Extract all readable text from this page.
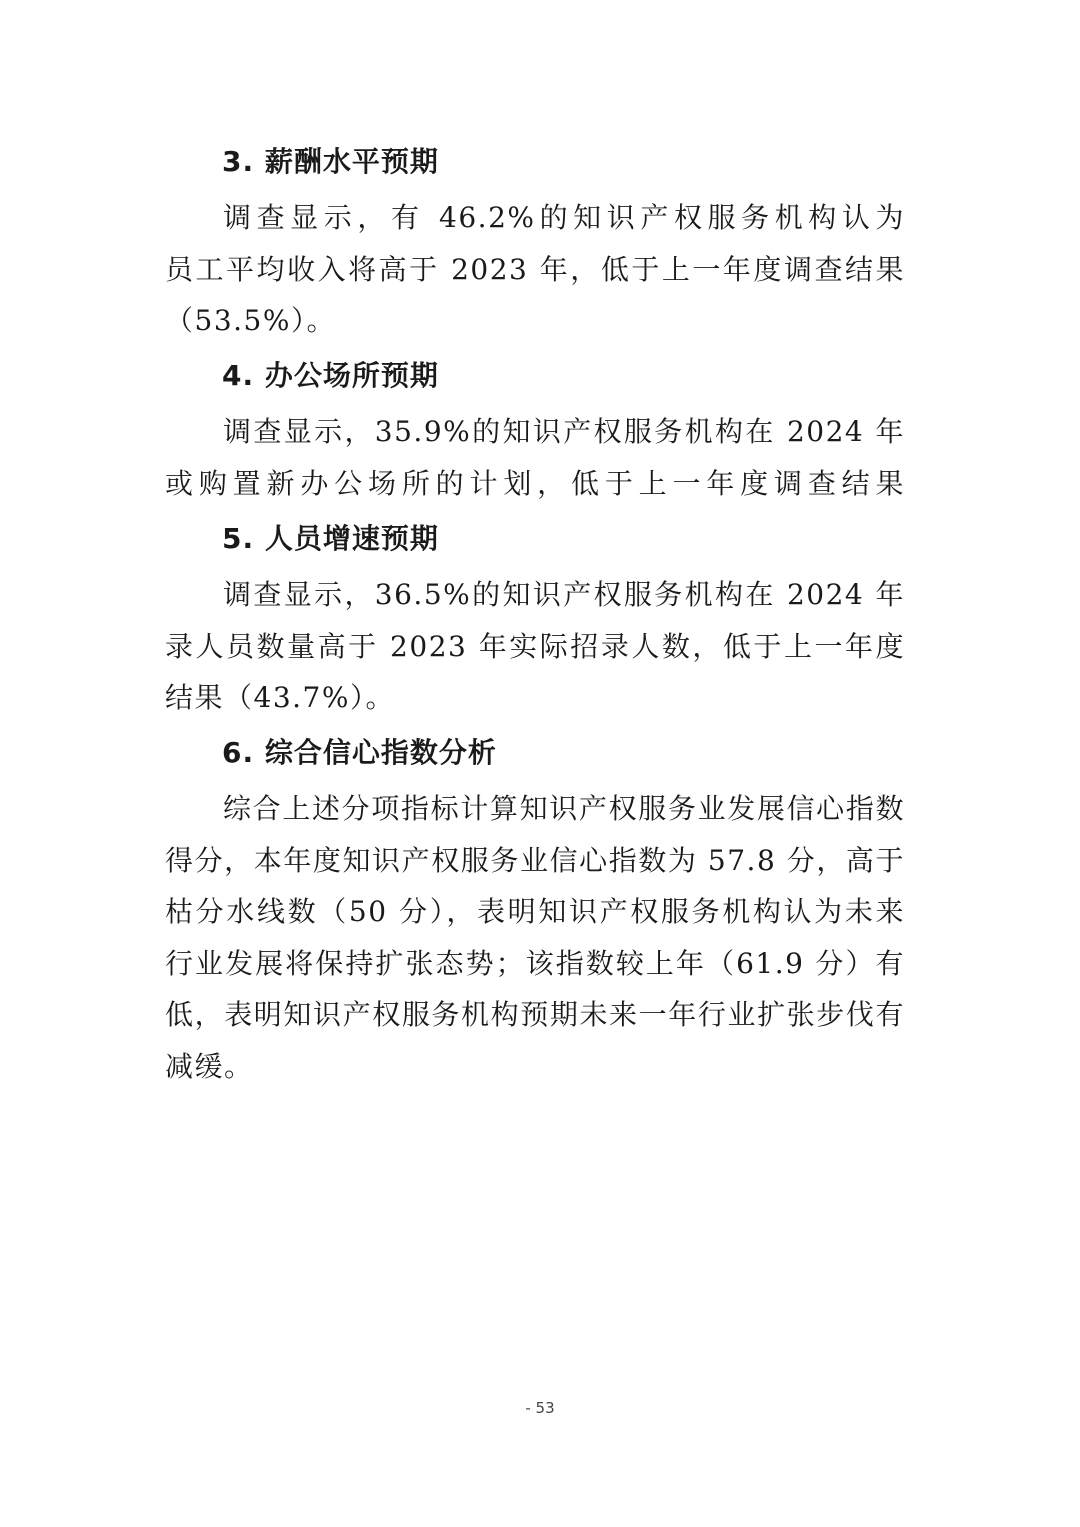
3. 薪酬水平预期
调查显示，有 46.2%的知识产权服务机构认为
员工平均收入将高于 2023 年，低于上一年度调查结果
（53.5%）。
4. 办公场所预期
调查显示，35.9%的知识产权服务机构在 2024 年
或购置新办公场所的计划，低于上一年度调查结果
5. 人员增速预期
调查显示，36.5%的知识产权服务机构在 2024 年
录人员数量高于 2023 年实际招录人数，低于上一年度
结果（43.7%）。
6. 综合信心指数分析
综合上述分项指标计算知识产权服务业发展信心指数
得分，本年度知识产权服务业信心指数为 57.8 分，高于
枯分水线数（50 分），表明知识产权服务机构认为未来
行业发展将保持扩张态势；该指数较上年（61.9 分）有
低，表明知识产权服务机构预期未来一年行业扩张步伐有
减缓。
- 53
